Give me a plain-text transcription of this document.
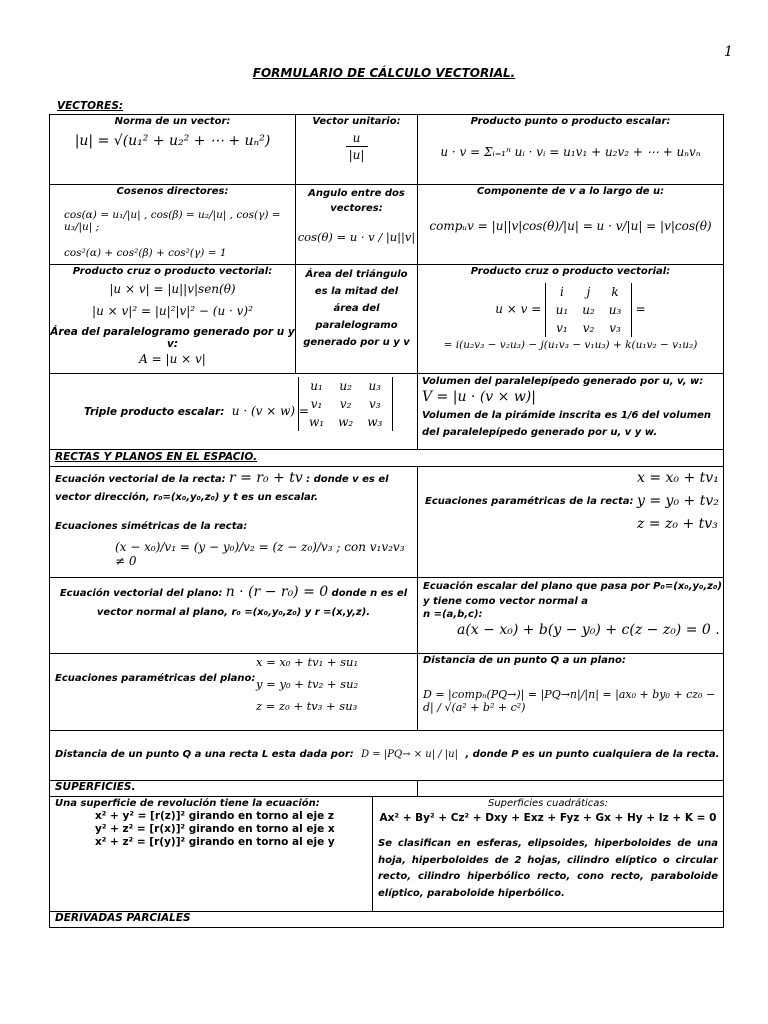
1
FORMULARIO DE CÁLCULO VECTORIAL.
VECTORES:

Norma de un vector:

|u| = √(u₁² + u₂² + ⋯ + uₙ²)

Vector unitario:

u

|u|

Producto punto o producto escalar:

u · v = Σᵢ₌₁ⁿ uᵢ · vᵢ = u₁v₁ + u₂v₂ + ⋯ + uₙvₙ

Cosenos directores:

cos(α) = u₁/|u| , cos(β) = u₂/|u| , cos(γ) = u₃/|u| ;

cos²(α) + cos²(β) + cos²(γ) = 1

Angulo entre dos vectores:

cos(θ) = u · v / |u||v|

Componente de v a lo largo de u:

compᵤv = |u||v|cos(θ)/|u| = u · v/|u| = |v|cos(θ)

Producto cruz o producto vectorial:

|u × v| = |u||v|sen(θ)

|u × v|² = |u|²|v|² − (u · v)²

Área del paralelogramo generado por u y v:

A = |u × v|

Área del triángulo es la mitad del área del paralelogramo generado por u y v

Producto cruz o producto vectorial:

u × v =
i	j	k
u₁	u₂	u₃
v₁	v₂	v₃
=

= i(u₂v₃ − v₂u₃) − j(u₁v₃ − v₁u₃) + k(u₁v₂ − v₁u₂)

Triple producto escalar: u · (v × w) =
u₁	u₂	u₃
v₁	v₂	v₃
w₁	w₂	w₃

Volumen del paralelepípedo generado por u, v, w:

V = |u · (v × w)|

Volumen de la pirámide inscrita es 1/6 del volumen del paralelepípedo generado por u, v y w.

RECTAS Y PLANOS EN EL ESPACIO.

Ecuación vectorial de la recta: r = r₀ + tv : donde v es el

vector dirección, r₀=(x₀,y₀,z₀) y t es un escalar.

Ecuaciones simétricas de la recta:

(x − x₀)/v₁ = (y − y₀)/v₂ = (z − z₀)/v₃ ; con v₁v₂v₃ ≠ 0

Ecuaciones paramétricas de la recta:

x = x₀ + tv₁

y = y₀ + tv₂

z = z₀ + tv₃

Ecuación vectorial del plano: n · (r − r₀) = 0 donde n es el

vector normal al plano, r₀ =(x₀,y₀,z₀) y r =(x,y,z).

Ecuación escalar del plano que pasa por P₀=(x₀,y₀,z₀) y tiene como vector normal a

n =(a,b,c):

a(x − x₀) + b(y − y₀) + c(z − z₀) = 0 .

Ecuaciones paramétricas del plano:

x = x₀ + tv₁ + su₁

y = y₀ + tv₂ + su₂

z = z₀ + tv₃ + su₃

Distancia de un punto Q a un plano:

D = |compₙ(PQ→)| = |PQ→n|/|n| = |ax₀ + by₀ + cz₀ − d| / √(a² + b² + c²)

Distancia de un punto Q a una recta L esta dada por: D = |PQ→ × u| / |u| , donde P es un punto cualquiera de la recta.

SUPERFICIES.

Una superficie de revolución tiene la ecuación:

x² + y² = [r(z)]² girando en torno al eje z

y² + z² = [r(x)]² girando en torno al eje x

x² + z² = [r(y)]² girando en torno al eje y

Superficies cuadráticas:

Ax² + By² + Cz² + Dxy + Exz + Fyz + Gx + Hy + Iz + K = 0

Se clasifican en esferas, elipsoides, hiperboloides de una hoja, hiperboloides de 2 hojas, cilindro elíptico o circular recto, cilindro hiperbólico recto, cono recto, paraboloide elíptico, paraboloide hiperbólico.

DERIVADAS PARCIALES
